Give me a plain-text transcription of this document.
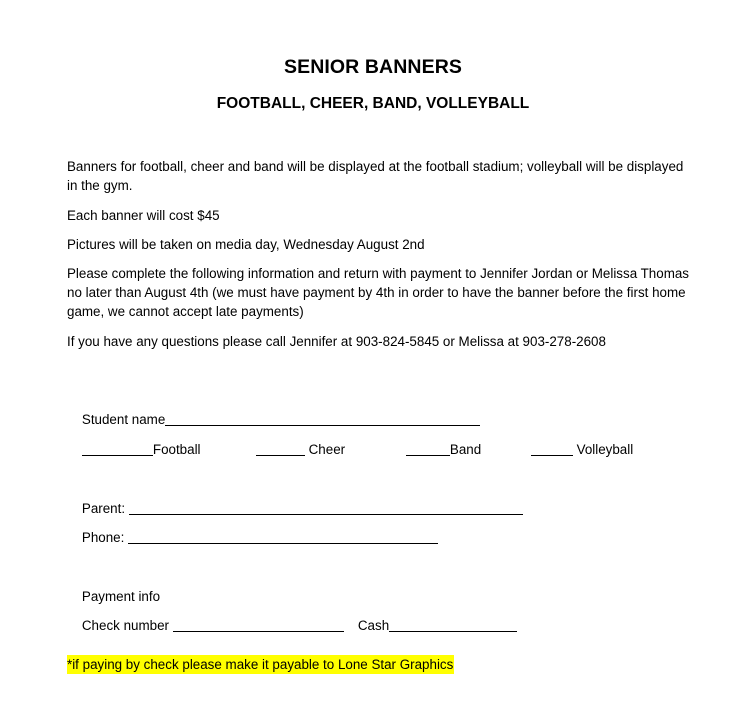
SENIOR BANNERS
FOOTBALL, CHEER, BAND, VOLLEYBALL

Banners for football, cheer and band will be displayed at the football stadium; volleyball will be displayed in the gym.

Each banner will cost $45

Pictures will be taken on media day, Wednesday August 2nd

Please complete the following information and return with payment to Jennifer Jordan or Melissa Thomas no later than August 4th (we must have payment by 4th in order to have the banner before the first home game, we cannot accept late payments)

If you have any questions please call Jennifer at 903-824-5845 or Melissa at 903-278-2608

Student name

Football
	Cheer
	Band
	Volleyball

Parent:

Phone:

Payment info

Check number
	Cash

*if paying by check please make it payable to Lone Star Graphics
